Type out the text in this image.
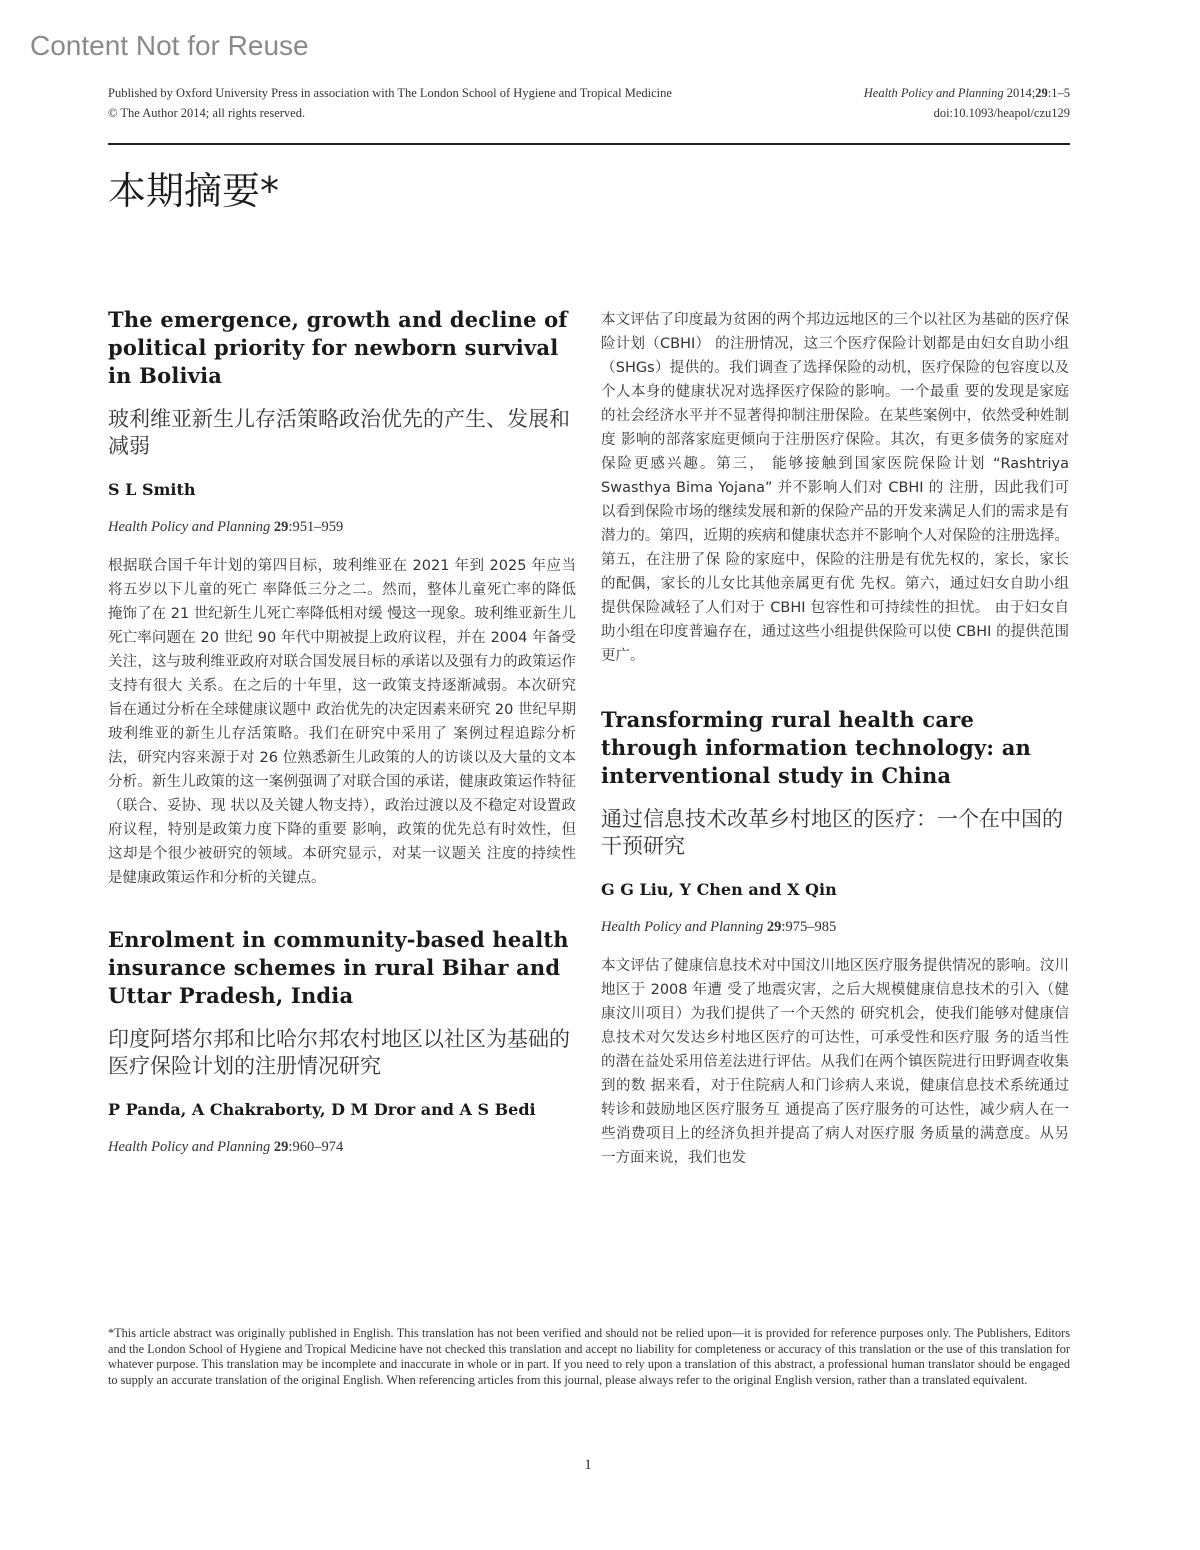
Content Not for Reuse
Published by Oxford University Press in association with The London School of Hygiene and Tropical Medicine
© The Author 2014; all rights reserved.
Health Policy and Planning 2014;29:1–5
doi:10.1093/heapol/czu129
本期摘要*
The emergence, growth and decline of political priority for newborn survival in Bolivia

玻利维亚新生儿存活策略政治优先的产生、发展和减弱

S L Smith

Health Policy and Planning 29:951–959

根据联合国千年计划的第四目标，玻利维亚在 2021 年到 2025 年应当将五岁以下儿童的死亡 率降低三分之二。然而，整体儿童死亡率的降低掩饰了在 21 世纪新生儿死亡率降低相对缓 慢这一现象。玻利维亚新生儿死亡率问题在 20 世纪 90 年代中期被提上政府议程，并在 2004 年备受关注，这与玻利维亚政府对联合国发展目标的承诺以及强有力的政策运作支持有很大 关系。在之后的十年里，这一政策支持逐渐减弱。本次研究旨在通过分析在全球健康议题中 政治优先的决定因素来研究 20 世纪早期玻利维亚的新生儿存活策略。我们在研究中采用了 案例过程追踪分析法，研究内容来源于对 26 位熟悉新生儿政策的人的访谈以及大量的文本 分析。新生儿政策的这一案例强调了对联合国的承诺，健康政策运作特征（联合、妥协、现 状以及关键人物支持），政治过渡以及不稳定对设置政府议程，特别是政策力度下降的重要 影响，政策的优先总有时效性，但这却是个很少被研究的领域。本研究显示，对某一议题关 注度的持续性是健康政策运作和分析的关键点。

Enrolment in community-based health insurance schemes in rural Bihar and Uttar Pradesh, India

印度阿塔尔邦和比哈尔邦农村地区以社区为基础的医疗保险计划的注册情况研究

P Panda, A Chakraborty, D M Dror and A S Bedi

Health Policy and Planning 29:960–974

本文评估了印度最为贫困的两个邦边远地区的三个以社区为基础的医疗保险计划（CBHI） 的注册情况，这三个医疗保险计划都是由妇女自助小组（SHGs）提供的。我们调查了选择保险的动机，医疗保险的包容度以及个人本身的健康状况对选择医疗保险的影响。一个最重 要的发现是家庭的社会经济水平并不显著得抑制注册保险。在某些案例中，依然受种姓制度 影响的部落家庭更倾向于注册医疗保险。其次，有更多债务的家庭对保险更感兴趣。第三， 能够接触到国家医院保险计划 “Rashtriya Swasthya Bima Yojana” 并不影响人们对 CBHI 的 注册，因此我们可以看到保险市场的继续发展和新的保险产品的开发来满足人们的需求是有 潜力的。第四，近期的疾病和健康状态并不影响个人对保险的注册选择。第五，在注册了保 险的家庭中，保险的注册是有优先权的，家长，家长的配偶，家长的儿女比其他亲属更有优 先权。第六，通过妇女自助小组提供保险减轻了人们对于 CBHI 包容性和可持续性的担忧。 由于妇女自助小组在印度普遍存在，通过这些小组提供保险可以使 CBHI 的提供范围更广。

Transforming rural health care through information technology: an interventional study in China

通过信息技术改革乡村地区的医疗：一个在中国的干预研究

G G Liu, Y Chen and X Qin

Health Policy and Planning 29:975–985

本文评估了健康信息技术对中国汶川地区医疗服务提供情况的影响。汶川地区于 2008 年遭 受了地震灾害，之后大规模健康信息技术的引入（健康汶川项目）为我们提供了一个天然的 研究机会，使我们能够对健康信息技术对欠发达乡村地区医疗的可达性，可承受性和医疗服 务的适当性的潜在益处采用倍差法进行评估。从我们在两个镇医院进行田野调查收集到的数 据来看，对于住院病人和门诊病人来说，健康信息技术系统通过转诊和鼓励地区医疗服务互 通提高了医疗服务的可达性，减少病人在一些消费项目上的经济负担并提高了病人对医疗服 务质量的满意度。从另一方面来说，我们也发

*This article abstract was originally published in English. This translation has not been verified and should not be relied upon—it is provided for reference purposes only. The Publishers, Editors and the London School of Hygiene and Tropical Medicine have not checked this translation and accept no liability for completeness or accuracy of this translation or the use of this translation for whatever purpose. This translation may be incomplete and inaccurate in whole or in part. If you need to rely upon a translation of this abstract, a professional human translator should be engaged to supply an accurate translation of the original English. When referencing articles from this journal, please always refer to the original English version, rather than a translated equivalent.

1
